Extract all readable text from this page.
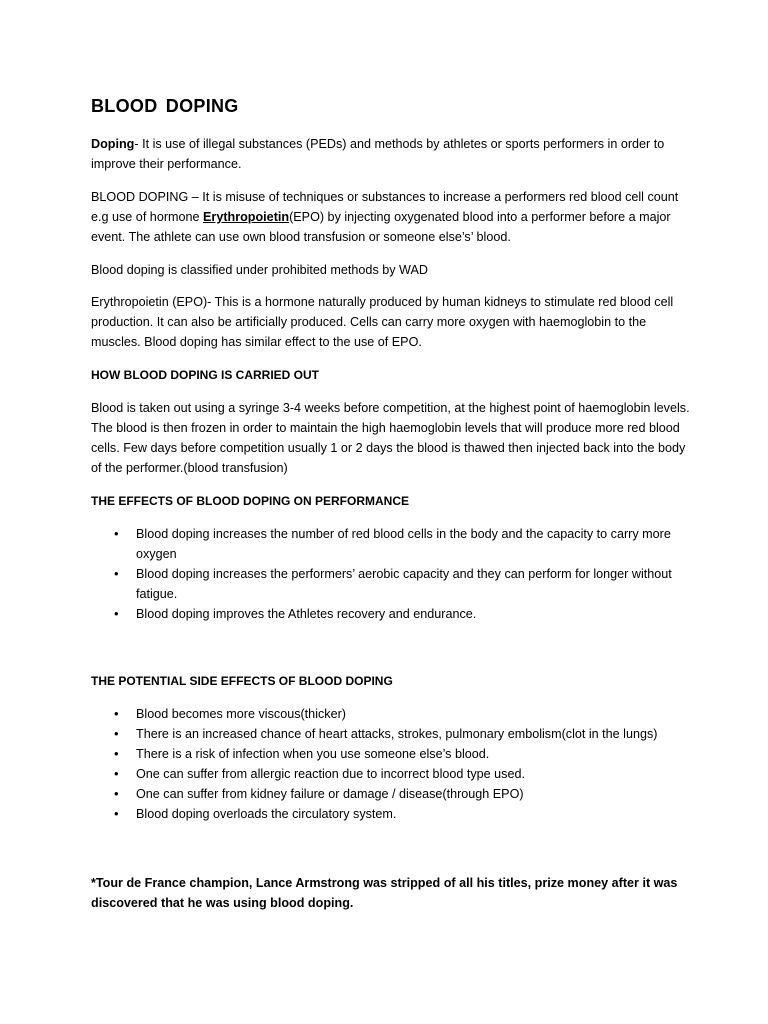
BLOOD DOPING

Doping- It is use of illegal substances (PEDs) and methods by athletes or sports performers in order to improve their performance.

BLOOD DOPING – It is misuse of techniques or substances to increase a performers red blood cell count e.g use of hormone Erythropoietin(EPO) by injecting oxygenated blood into a performer before a major event. The athlete can use own blood transfusion or someone else’s’ blood.

Blood doping is classified under prohibited methods by WAD

Erythropoietin (EPO)- This is a hormone naturally produced by human kidneys to stimulate red blood cell production. It can also be artificially produced. Cells can carry more oxygen with haemoglobin to the muscles. Blood doping has similar effect to the use of EPO.

HOW BLOOD DOPING IS CARRIED OUT

Blood is taken out using a syringe 3-4 weeks before competition, at the highest point of haemoglobin levels. The blood is then frozen in order to maintain the high haemoglobin levels that will produce more red blood cells. Few days before competition usually 1 or 2 days the blood is thawed then injected back into the body of the performer.(blood transfusion)

THE EFFECTS OF BLOOD DOPING ON PERFORMANCE

• Blood doping increases the number of red blood cells in the body and the capacity to carry more oxygen
• Blood doping increases the performers’ aerobic capacity and they can perform for longer without fatigue.
• Blood doping improves the Athletes recovery and endurance.

THE POTENTIAL SIDE EFFECTS OF BLOOD DOPING

• Blood becomes more viscous(thicker)
• There is an increased chance of heart attacks, strokes, pulmonary embolism(clot in the lungs)
• There is a risk of infection when you use someone else’s blood.
• One can suffer from allergic reaction due to incorrect blood type used.
• One can suffer from kidney failure or damage / disease(through EPO)
• Blood doping overloads the circulatory system.

*Tour de France champion, Lance Armstrong was stripped of all his titles, prize money after it was discovered that he was using blood doping.
